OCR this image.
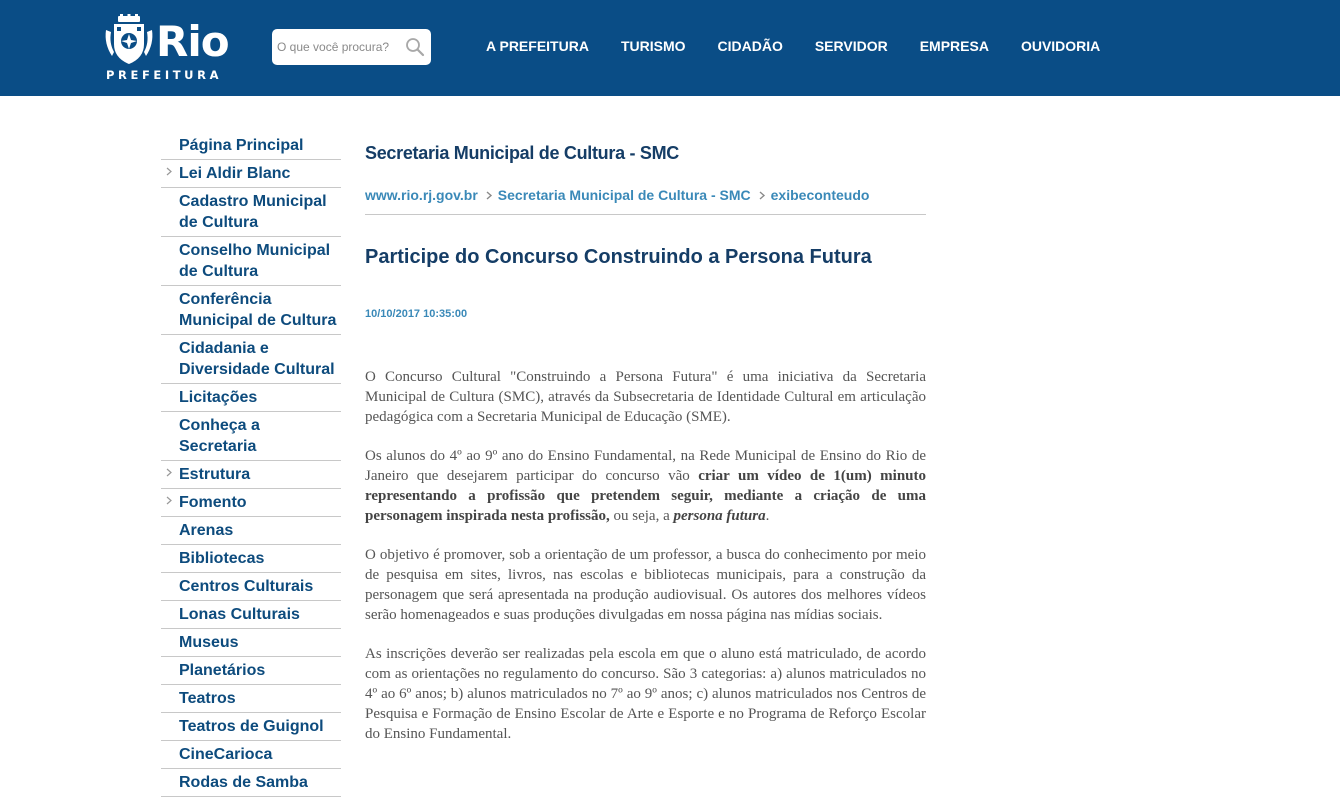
Rio
PREFEITURA
O que você procura?
A PREFEITURA	TURISMO	CIDADÃO	SERVIDOR	EMPRESA	OUVIDORIA
Página Principal
Lei Aldir Blanc
Cadastro Municipal de Cultura
Conselho Municipal de Cultura
Conferência Municipal de Cultura
Cidadania e Diversidade Cultural
Licitações
Conheça a Secretaria
Estrutura
Fomento
Arenas
Bibliotecas
Centros Culturais
Lonas Culturais
Museus
Planetários
Teatros
Teatros de Guignol
CineCarioca
Rodas de Samba
Secretaria Municipal de Cultura - SMC
www.rio.rj.gov.br Secretaria Municipal de Cultura - SMC exibeconteudo
Participe do Concurso Construindo a Persona Futura
10/10/2017 10:35:00

O Concurso Cultural "Construindo a Persona Futura" é uma iniciativa da Secretaria Municipal de Cultura (SMC), através da Subsecretaria de Identidade Cultural em articulação pedagógica com a Secretaria Municipal de Educação (SME).

Os alunos do 4º ao 9º ano do Ensino Fundamental, na Rede Municipal de Ensino do Rio de Janeiro que desejarem participar do concurso vão criar um vídeo de 1(um) minuto representando a profissão que pretendem seguir, mediante a criação de uma personagem inspirada nesta profissão, ou seja, a persona futura.

O objetivo é promover, sob a orientação de um professor, a busca do conhecimento por meio de pesquisa em sites, livros, nas escolas e bibliotecas municipais, para a construção da personagem que será apresentada na produção audiovisual. Os autores dos melhores vídeos serão homenageados e suas produções divulgadas em nossa página nas mídias sociais.

As inscrições deverão ser realizadas pela escola em que o aluno está matriculado, de acordo com as orientações no regulamento do concurso. São 3 categorias: a) alunos matriculados no 4º ao 6º anos; b) alunos matriculados no 7º ao 9º anos; c) alunos matriculados nos Centros de Pesquisa e Formação de Ensino Escolar de Arte e Esporte e no Programa de Reforço Escolar do Ensino Fundamental.
